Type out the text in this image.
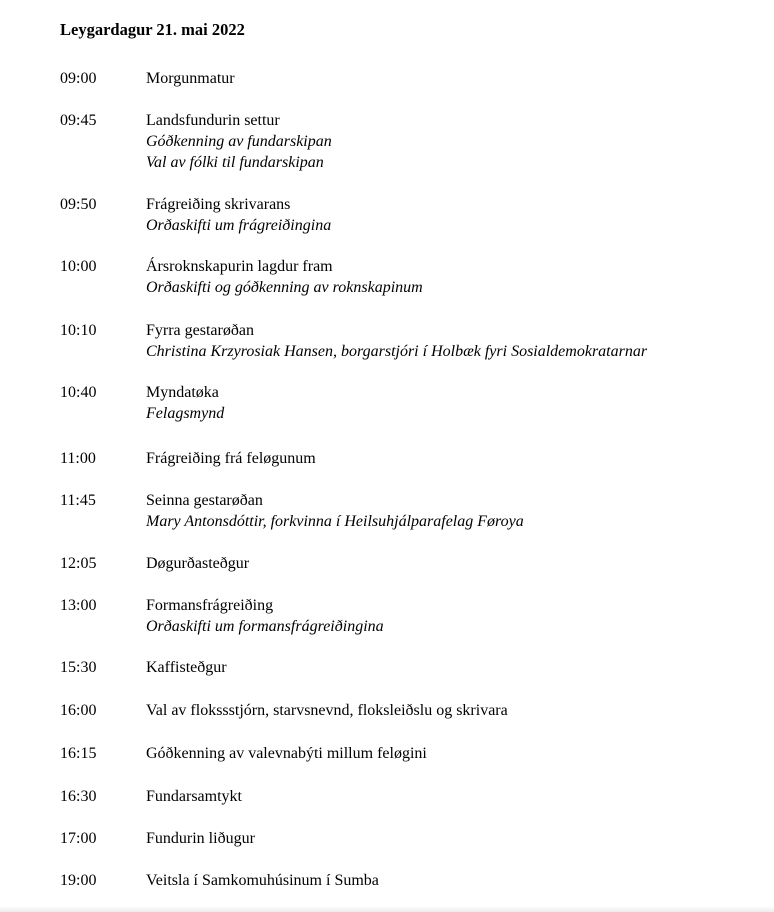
Leygardagur 21. mai 2022
09:00	Morgunmatur
09:45	Landsfundurin settur
Góðkenning av fundarskipan
Val av fólki til fundarskipan
09:50	Frágreiðing skrivarans
Orðaskifti um frágreiðingina
10:00	Ársroknskapurin lagdur fram
Orðaskifti og góðkenning av roknskapinum
10:10	Fyrra gestarøðan
Christina Krzyrosiak Hansen, borgarstjóri í Holbæk fyri Sosialdemokratarnar
10:40	Myndatøka
Felagsmynd
11:00	Frágreiðing frá feløgunum
11:45	Seinna gestarøðan
Mary Antonsdóttir, forkvinna í Heilsuhjálparafelag Føroya
12:05	Døgurðasteðgur
13:00	Formansfrágreiðing
Orðaskifti um formansfrágreiðingina
15:30	Kaffisteðgur
16:00	Val av flokssstjórn, starvsnevnd, floksleiðslu og skrivara
16:15	Góðkenning av valevnabýti millum feløgini
16:30	Fundarsamtykt
17:00	Fundurin liðugur
19:00	Veitsla í Samkomuhúsinum í Sumba
